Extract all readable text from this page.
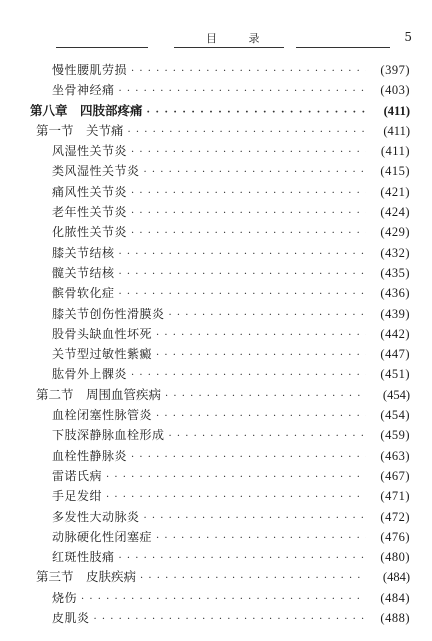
目 录	5
慢性腰肌劳损 · · ·	(397)
坐骨神经痛 · · ·	(403)
第八章　四肢部疼痛 · · ·	(411)
第一节　关节痛 · · ·	(411)
风湿性关节炎 · · ·	(411)
类风湿性关节炎 · · ·	(415)
痛风性关节炎 · · ·	(421)
老年性关节炎 · · ·	(424)
化脓性关节炎 · · ·	(429)
膝关节结核 · · ·	(432)
髋关节结核 · · ·	(435)
髌骨软化症 · · ·	(436)
膝关节创伤性滑膜炎 · · ·	(439)
股骨头缺血性坏死 · · ·	(442)
关节型过敏性紫癜 · · ·	(447)
肱骨外上髁炎 · · ·	(451)
第二节　周围血管疾病 · · ·	(454)
血栓闭塞性脉管炎 · · ·	(454)
下肢深静脉血栓形成 · · ·	(459)
血栓性静脉炎 · · ·	(463)
雷诺氏病 · · ·	(467)
手足发绀 · · ·	(471)
多发性大动脉炎 · · ·	(472)
动脉硬化性闭塞症 · · ·	(476)
红斑性肢痛 · · ·	(480)
第三节　皮肤疾病 · · ·	(484)
烧伤 · · ·	(484)
皮肌炎 · · ·	(488)
